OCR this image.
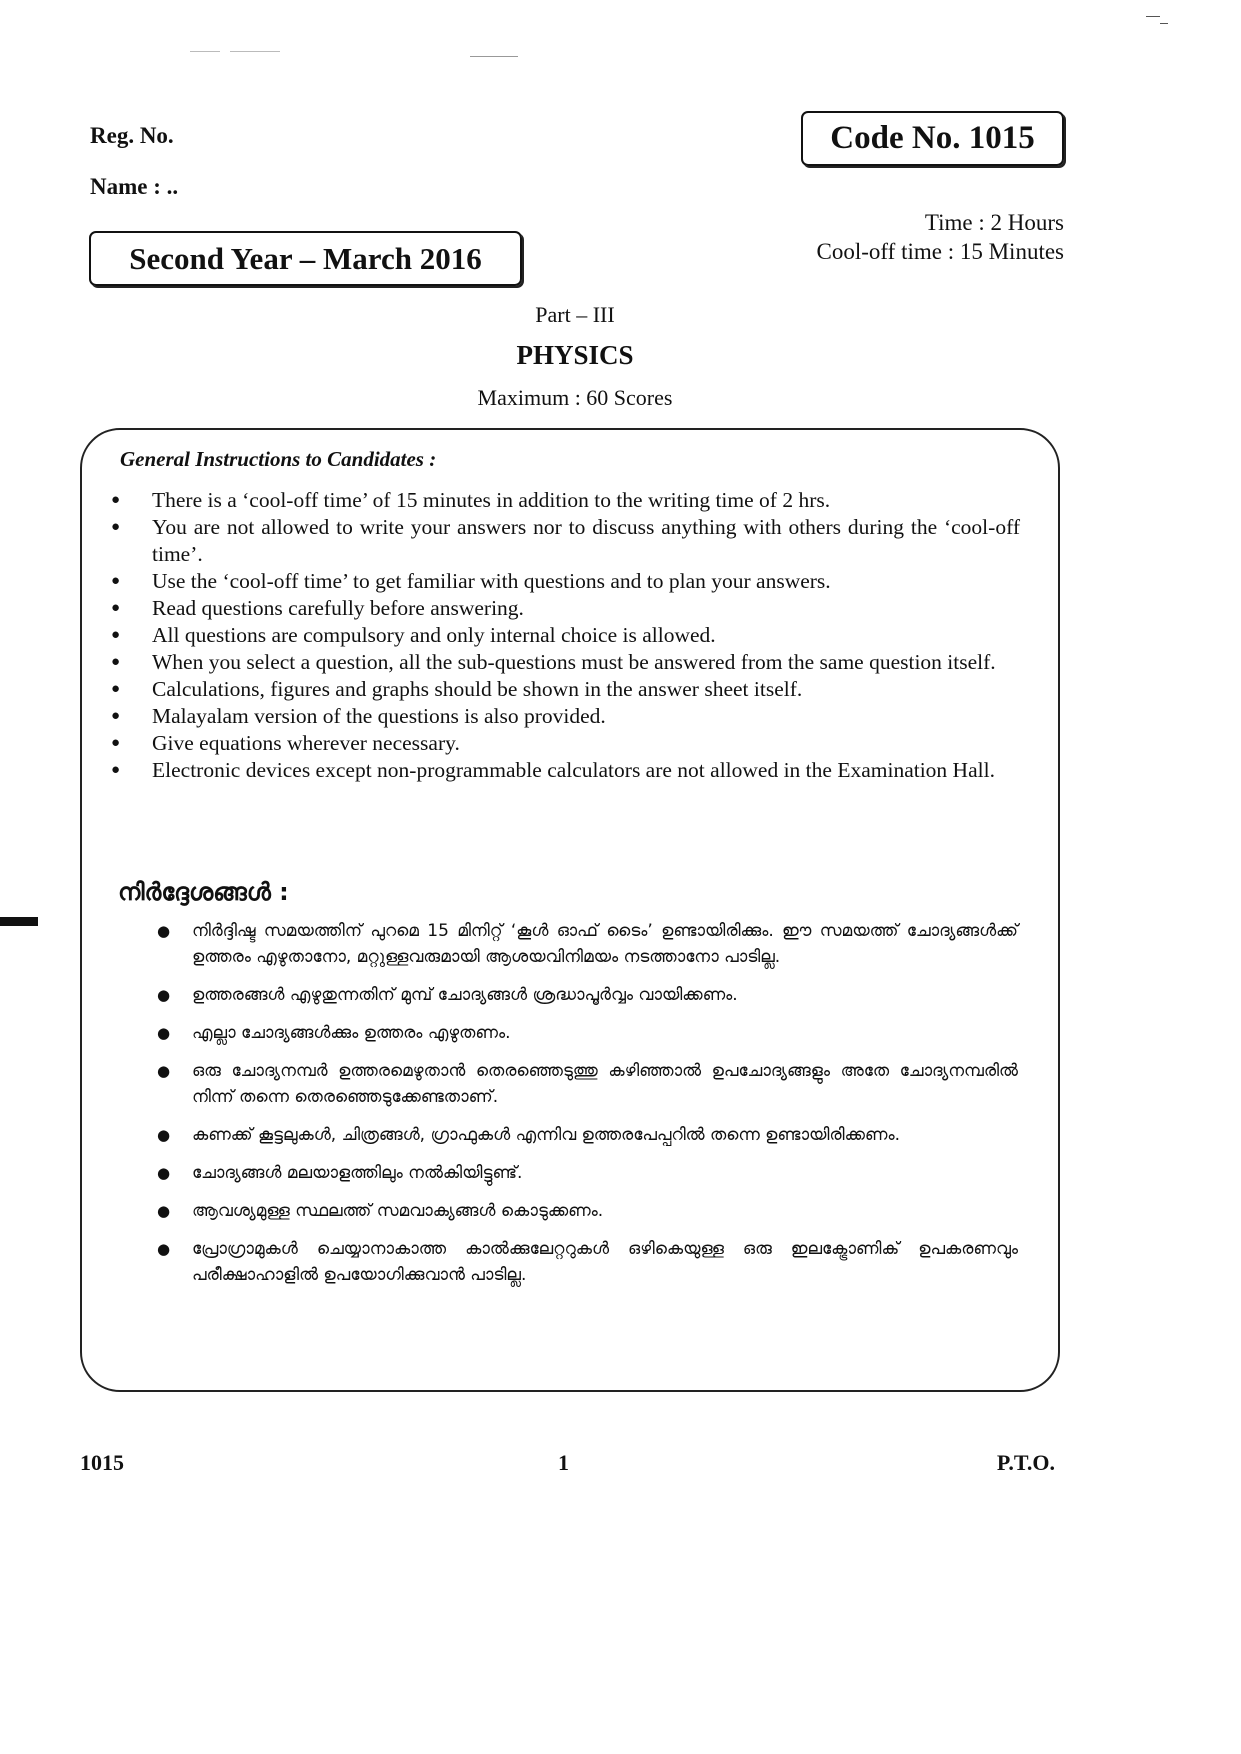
Reg. No.
Name : ..
Code No. 1015
Time : 2 Hours
Cool-off time : 15 Minutes
Second Year – March 2016
Part – III
PHYSICS
Maximum : 60 Scores
General Instructions to Candidates :
● There is a ‘cool-off time’ of 15 minutes in addition to the writing time of 2 hrs.
● You are not allowed to write your answers nor to discuss anything with others during the ‘cool-off time’.
● Use the ‘cool-off time’ to get familiar with questions and to plan your answers.
● Read questions carefully before answering.
● All questions are compulsory and only internal choice is allowed.
● When you select a question, all the sub-questions must be answered from the same question itself.
● Calculations, figures and graphs should be shown in the answer sheet itself.
● Malayalam version of the questions is also provided.
● Give equations wherever necessary.
● Electronic devices except non-programmable calculators are not allowed in the Examination Hall.
നിർദ്ദേശങ്ങൾ :
● നിർദ്ദിഷ്ട സമയത്തിന് പുറമെ 15 മിനിറ്റ് ‘കൂൾ ഓഫ് ടൈം’ ഉണ്ടായിരിക്കും. ഈ സമയത്ത് ചോദ്യങ്ങൾക്ക് ഉത്തരം എഴുതാനോ, മറ്റുള്ളവരുമായി ആശയവിനിമയം നടത്താനോ പാടില്ല.
● ഉത്തരങ്ങൾ എഴുതുന്നതിന് മുമ്പ് ചോദ്യങ്ങൾ ശ്രദ്ധാപൂർവ്വം വായിക്കണം.
● എല്ലാ ചോദ്യങ്ങൾക്കും ഉത്തരം എഴുതണം.
● ഒരു ചോദ്യനമ്പർ ഉത്തരമെഴുതാൻ തെരഞ്ഞെടുത്തു കഴിഞ്ഞാൽ ഉപചോദ്യങ്ങളും അതേ ചോദ്യനമ്പരിൽ നിന്ന് തന്നെ തെരഞ്ഞെടുക്കേണ്ടതാണ്.
● കണക്ക് കൂട്ടലുകൾ, ചിത്രങ്ങൾ, ഗ്രാഫുകൾ എന്നിവ ഉത്തരപേപ്പറിൽ തന്നെ ഉണ്ടായിരിക്കണം.
● ചോദ്യങ്ങൾ മലയാളത്തിലും നൽകിയിട്ടുണ്ട്.
● ആവശ്യമുള്ള സ്ഥലത്ത് സമവാക്യങ്ങൾ കൊടുക്കണം.
● പ്രോഗ്രാമുകൾ ചെയ്യാനാകാത്ത കാൽക്കുലേറ്ററുകൾ ഒഴികെയുള്ള ഒരു ഇലക്ട്രോണിക് ഉപകരണവും പരീക്ഷാഹാളിൽ ഉപയോഗിക്കുവാൻ പാടില്ല.
1015	1	P.T.O.
